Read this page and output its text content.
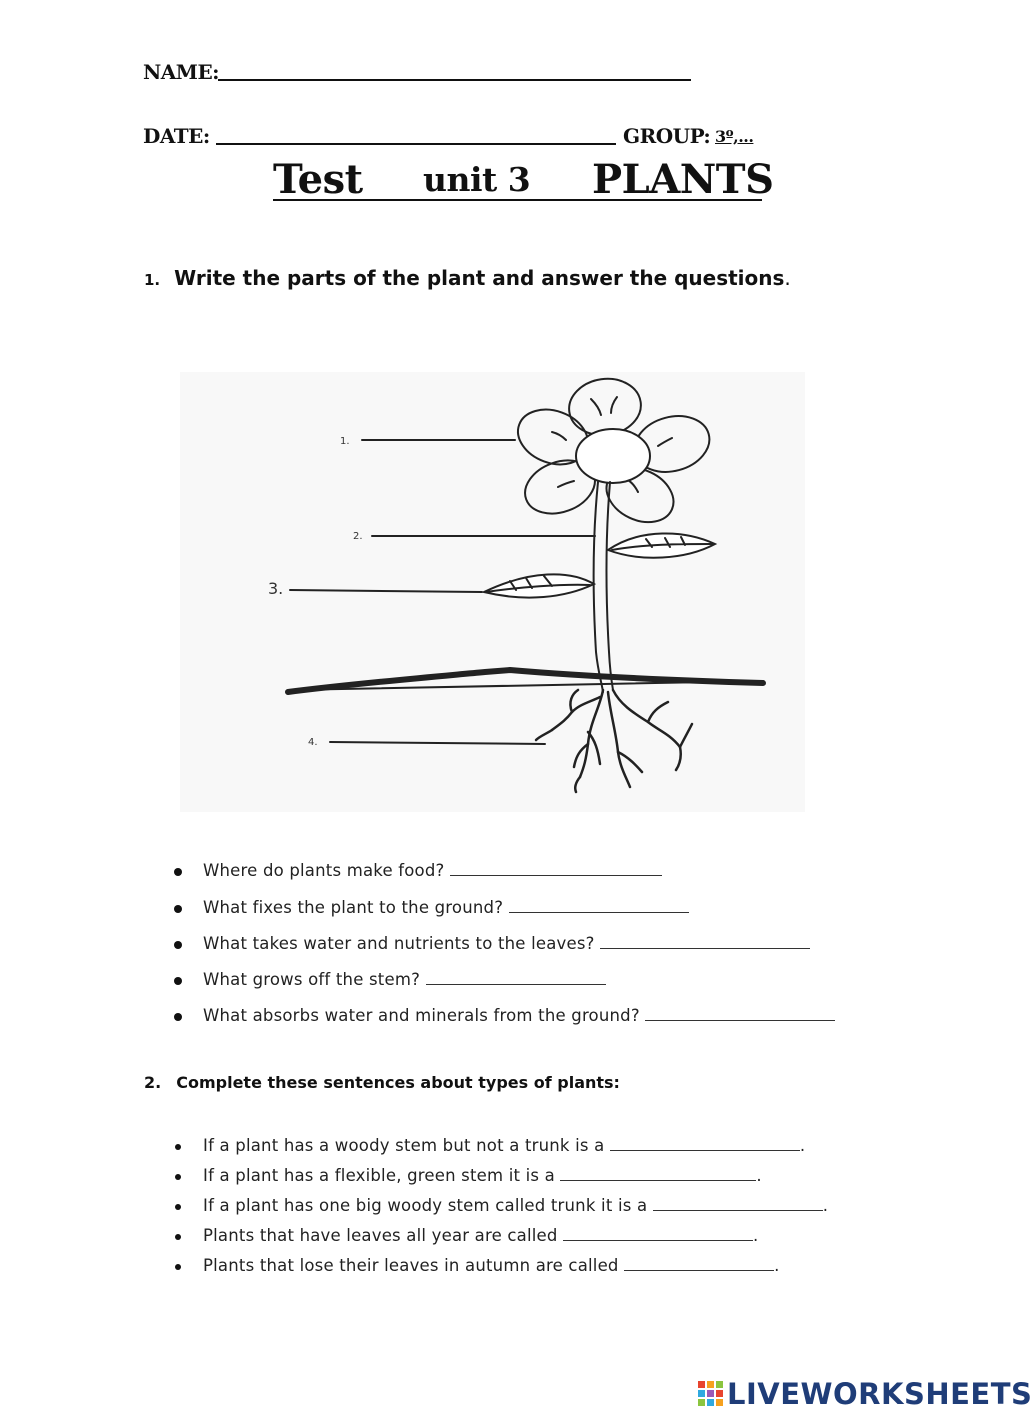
NAME:
DATE:	GROUP: 3º,...
Test unit 3 PLANTS
1. Write the parts of the plant and answer the questions.
1.
2.
3.
4.
Where do plants make food?
What fixes the plant to the ground?
What takes water and nutrients to the leaves?
What grows off the stem?
What absorbs water and minerals from the ground?
2. Complete these sentences about types of plants:
If a plant has a woody stem but not a trunk is a	.
If a plant has a flexible, green stem it is a	.
If a plant has one big woody stem called trunk it is a	.
Plants that have leaves all year are called	.
Plants that lose their leaves in autumn are called	.
LIVEWORKSHEETS
